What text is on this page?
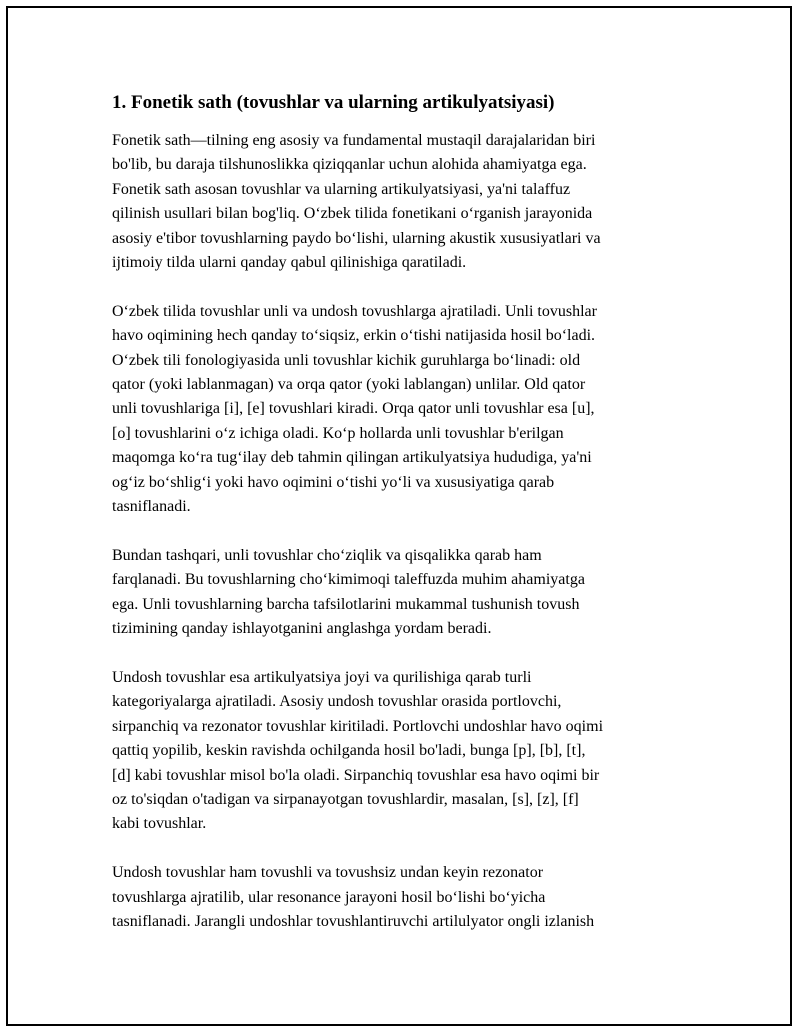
1. Fonetik sath (tovushlar va ularning artikulyatsiyasi)
Fonetik sath—tilning eng asosiy va fundamental mustaqil darajalaridan biri
bo'lib, bu daraja tilshunoslikka qiziqqanlar uchun alohida ahamiyatga ega.
Fonetik sath asosan tovushlar va ularning artikulyatsiyasi, ya'ni talaffuz
qilinish usullari bilan bog'liq. O‘zbek tilida fonetikani o‘rganish jarayonida
asosiy e'tibor tovushlarning paydo bo‘lishi, ularning akustik xususiyatlari va
ijtimoiy tilda ularni qanday qabul qilinishiga qaratiladi.
O‘zbek tilida tovushlar unli va undosh tovushlarga ajratiladi. Unli tovushlar
havo oqimining hech qanday to‘siqsiz, erkin o‘tishi natijasida hosil bo‘ladi.
O‘zbek tili fonologiyasida unli tovushlar kichik guruhlarga bo‘linadi: old
qator (yoki lablanmagan) va orqa qator (yoki lablangan) unlilar. Old qator
unli tovushlariga [i], [e] tovushlari kiradi. Orqa qator unli tovushlar esa [u],
[o] tovushlarini o‘z ichiga oladi. Ko‘p hollarda unli tovushlar b'erilgan
maqomga ko‘ra tug‘ilay deb tahmin qilingan artikulyatsiya hududiga, ya'ni
og‘iz bo‘shlig‘i yoki havo oqimini o‘tishi yo‘li va xususiyatiga qarab
tasniflanadi.
Bundan tashqari, unli tovushlar cho‘ziqlik va qisqalikka qarab ham
farqlanadi. Bu tovushlarning cho‘kimimoqi taleffuzda muhim ahamiyatga
ega. Unli tovushlarning barcha tafsilotlarini mukammal tushunish tovush
tizimining qanday ishlayotganini anglashga yordam beradi.
Undosh tovushlar esa artikulyatsiya joyi va qurilishiga qarab turli
kategoriyalarga ajratiladi. Asosiy undosh tovushlar orasida portlovchi,
sirpanchiq va rezonator tovushlar kiritiladi. Portlovchi undoshlar havo oqimi
qattiq yopilib, keskin ravishda ochilganda hosil bo'ladi, bunga [p], [b], [t],
[d] kabi tovushlar misol bo'la oladi. Sirpanchiq tovushlar esa havo oqimi bir
oz to'siqdan o'tadigan va sirpanayotgan tovushlardir, masalan, [s], [z], [f]
kabi tovushlar.
Undosh tovushlar ham tovushli va tovushsiz undan keyin rezonator
tovushlarga ajratilib, ular resonance jarayoni hosil bo‘lishi bo‘yicha
tasniflanadi. Jarangli undoshlar tovushlantiruvchi artilulyator ongli izlanish
